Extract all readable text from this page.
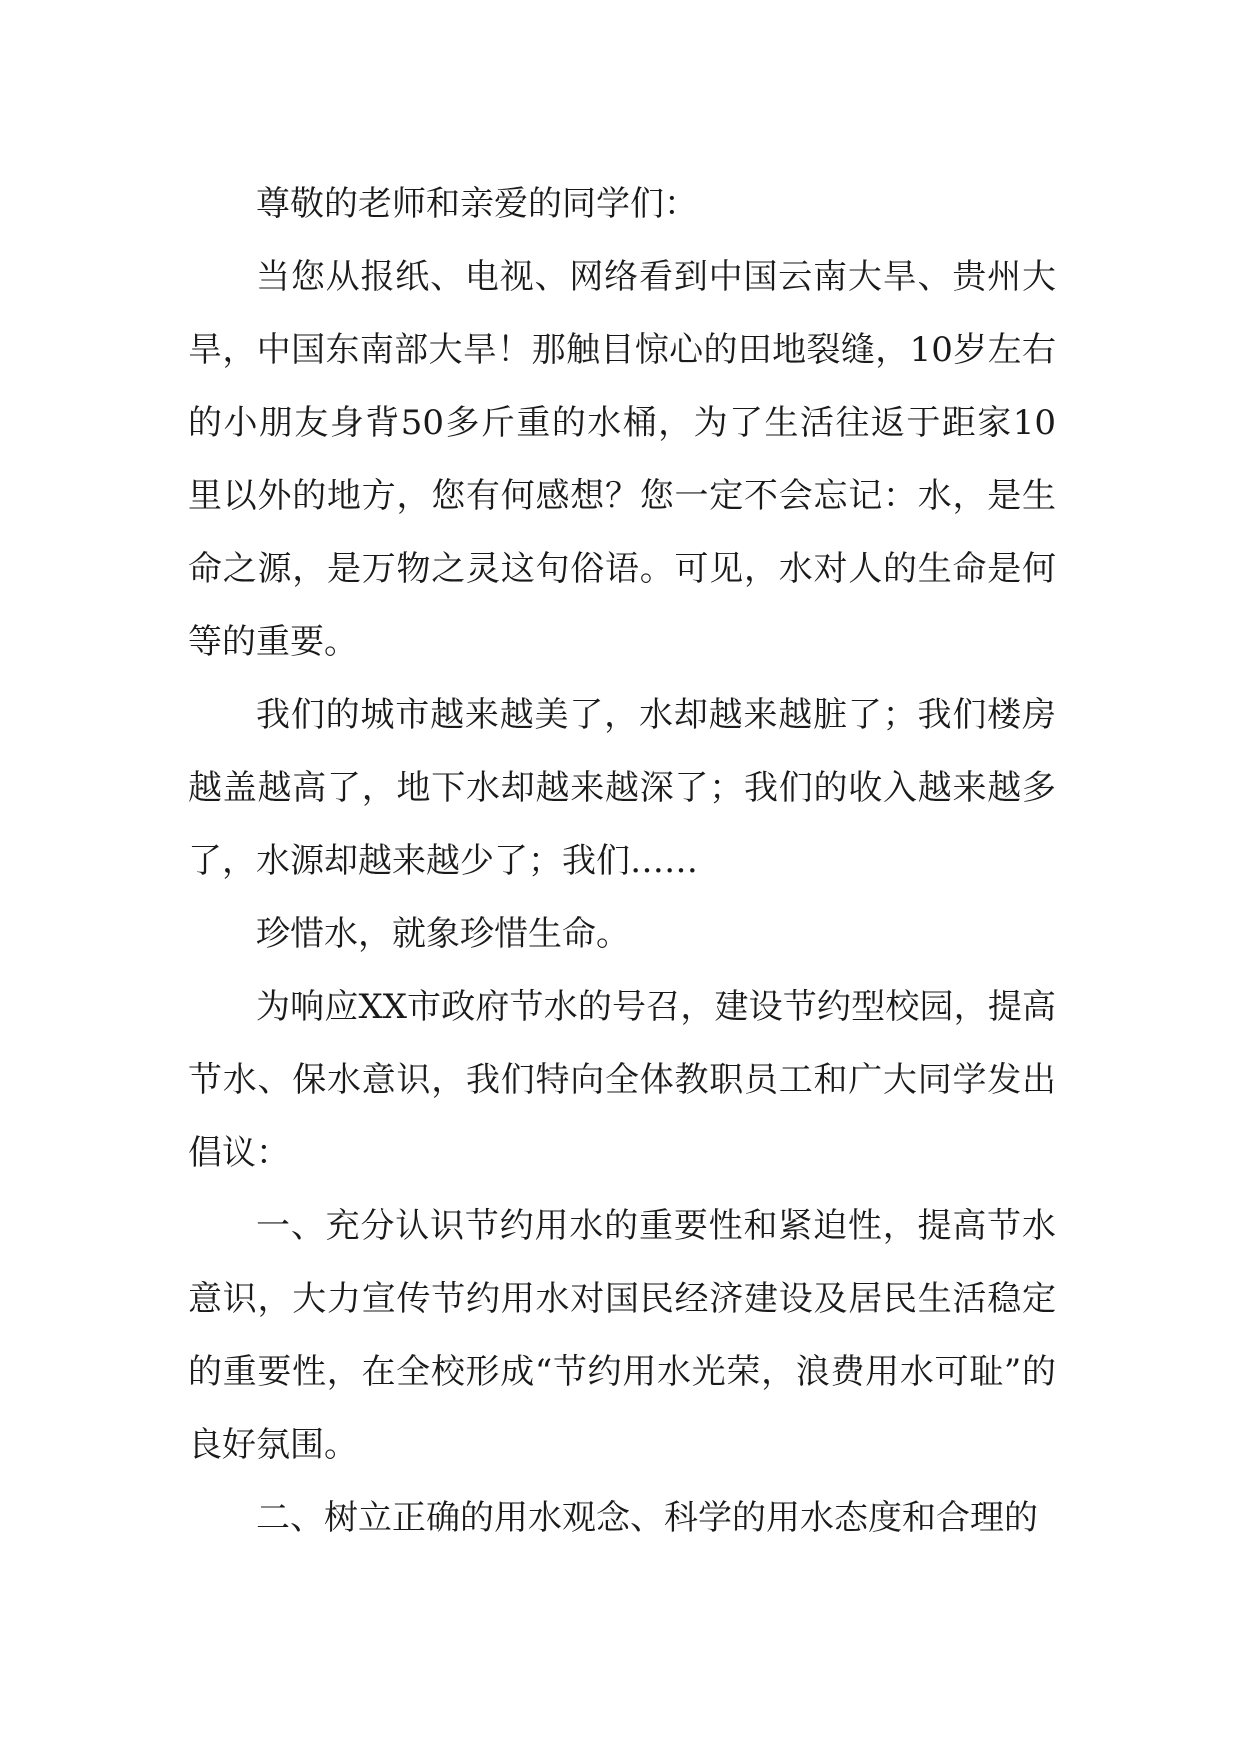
尊敬的老师和亲爱的同学们：

当您从报纸、电视、网络看到中国云南大旱、贵州大旱，中国东南部大旱！那触目惊心的田地裂缝，10岁左右的小朋友身背50多斤重的水桶，为了生活往返于距家10里以外的地方，您有何感想？您一定不会忘记：水，是生命之源，是万物之灵这句俗语。可见，水对人的生命是何等的重要。

我们的城市越来越美了，水却越来越脏了；我们楼房越盖越高了，地下水却越来越深了；我们的收入越来越多了，水源却越来越少了；我们……

珍惜水，就象珍惜生命。

为响应XX市政府节水的号召，建设节约型校园，提高节水、保水意识，我们特向全体教职员工和广大同学发出倡议：

一、充分认识节约用水的重要性和紧迫性，提高节水意识，大力宣传节约用水对国民经济建设及居民生活稳定的重要性，在全校形成“节约用水光荣，浪费用水可耻”的良好氛围。

二、树立正确的用水观念、科学的用水态度和合理的
